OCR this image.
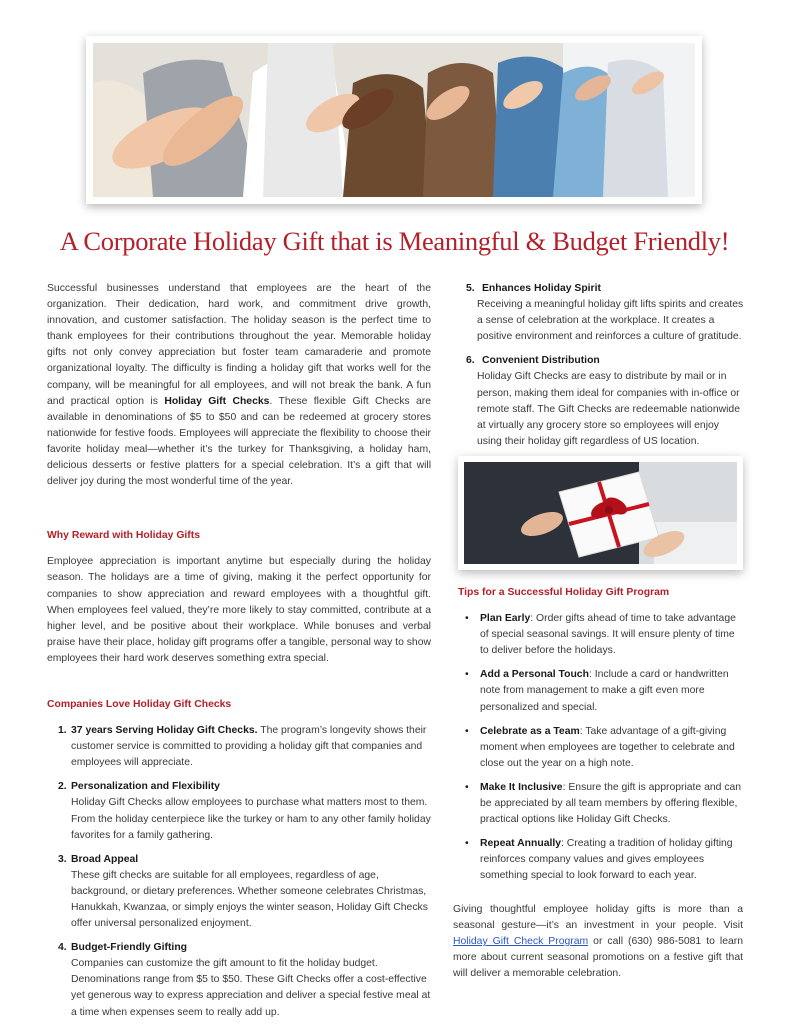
A Corporate Holiday Gift that is Meaningful & Budget Friendly!

Successful businesses understand that employees are the heart of the organization. Their dedication, hard work, and commitment drive growth, innovation, and customer satisfaction. The holiday season is the perfect time to thank employees for their contributions throughout the year. Memorable holiday gifts not only convey appreciation but foster team camaraderie and promote organizational loyalty. The difficulty is finding a holiday gift that works well for the company, will be meaningful for all employees, and will not break the bank. A fun and practical option is Holiday Gift Checks. These flexible Gift Checks are available in denominations of $5 to $50 and can be redeemed at grocery stores nationwide for festive foods. Employees will appreciate the flexibility to choose their favorite holiday meal—whether it’s the turkey for Thanksgiving, a holiday ham, delicious desserts or festive platters for a special celebration. It’s a gift that will deliver joy during the most wonderful time of the year.

Why Reward with Holiday Gifts

Employee appreciation is important anytime but especially during the holiday season. The holidays are a time of giving, making it the perfect opportunity for companies to show appreciation and reward employees with a thoughtful gift. When employees feel valued, they’re more likely to stay committed, contribute at a higher level, and be positive about their workplace. While bonuses and verbal praise have their place, holiday gift programs offer a tangible, personal way to show employees their hard work deserves something extra special.

Companies Love Holiday Gift Checks
1. 37 years Serving Holiday Gift Checks. The program’s longevity shows their customer service is committed to providing a holiday gift that companies and employees will appreciate.
2. Personalization and Flexibility
Holiday Gift Checks allow employees to purchase what matters most to them. From the holiday centerpiece like the turkey or ham to any other family holiday favorites for a family gathering.
3. Broad Appeal
These gift checks are suitable for all employees, regardless of age, background, or dietary preferences. Whether someone celebrates Christmas, Hanukkah, Kwanzaa, or simply enjoys the winter season, Holiday Gift Checks offer universal personalized enjoyment.
4. Budget-Friendly Gifting
Companies can customize the gift amount to fit the holiday budget. Denominations range from $5 to $50. These Gift Checks offer a cost-effective yet generous way to express appreciation and deliver a special festive meal at a time when expenses seem to really add up.
5. Enhances Holiday Spirit
Receiving a meaningful holiday gift lifts spirits and creates a sense of celebration at the workplace. It creates a positive environment and reinforces a culture of gratitude.
6. Convenient Distribution
Holiday Gift Checks are easy to distribute by mail or in person, making them ideal for companies with in-office or remote staff. The Gift Checks are redeemable nationwide at virtually any grocery store so employees will enjoy using their holiday gift regardless of US location.
Tips for a Successful Holiday Gift Program
• Plan Early: Order gifts ahead of time to take advantage of special seasonal savings. It will ensure plenty of time to deliver before the holidays.
• Add a Personal Touch: Include a card or handwritten note from management to make a gift even more personalized and special.
• Celebrate as a Team: Take advantage of a gift-giving moment when employees are together to celebrate and close out the year on a high note.
• Make It Inclusive: Ensure the gift is appropriate and can be appreciated by all team members by offering flexible, practical options like Holiday Gift Checks.
• Repeat Annually: Creating a tradition of holiday gifting reinforces company values and gives employees something special to look forward to each year.

Giving thoughtful employee holiday gifts is more than a seasonal gesture—it’s an investment in your people. Visit Holiday Gift Check Program or call (630) 986-5081 to learn more about current seasonal promotions on a festive gift that will deliver a memorable celebration.
